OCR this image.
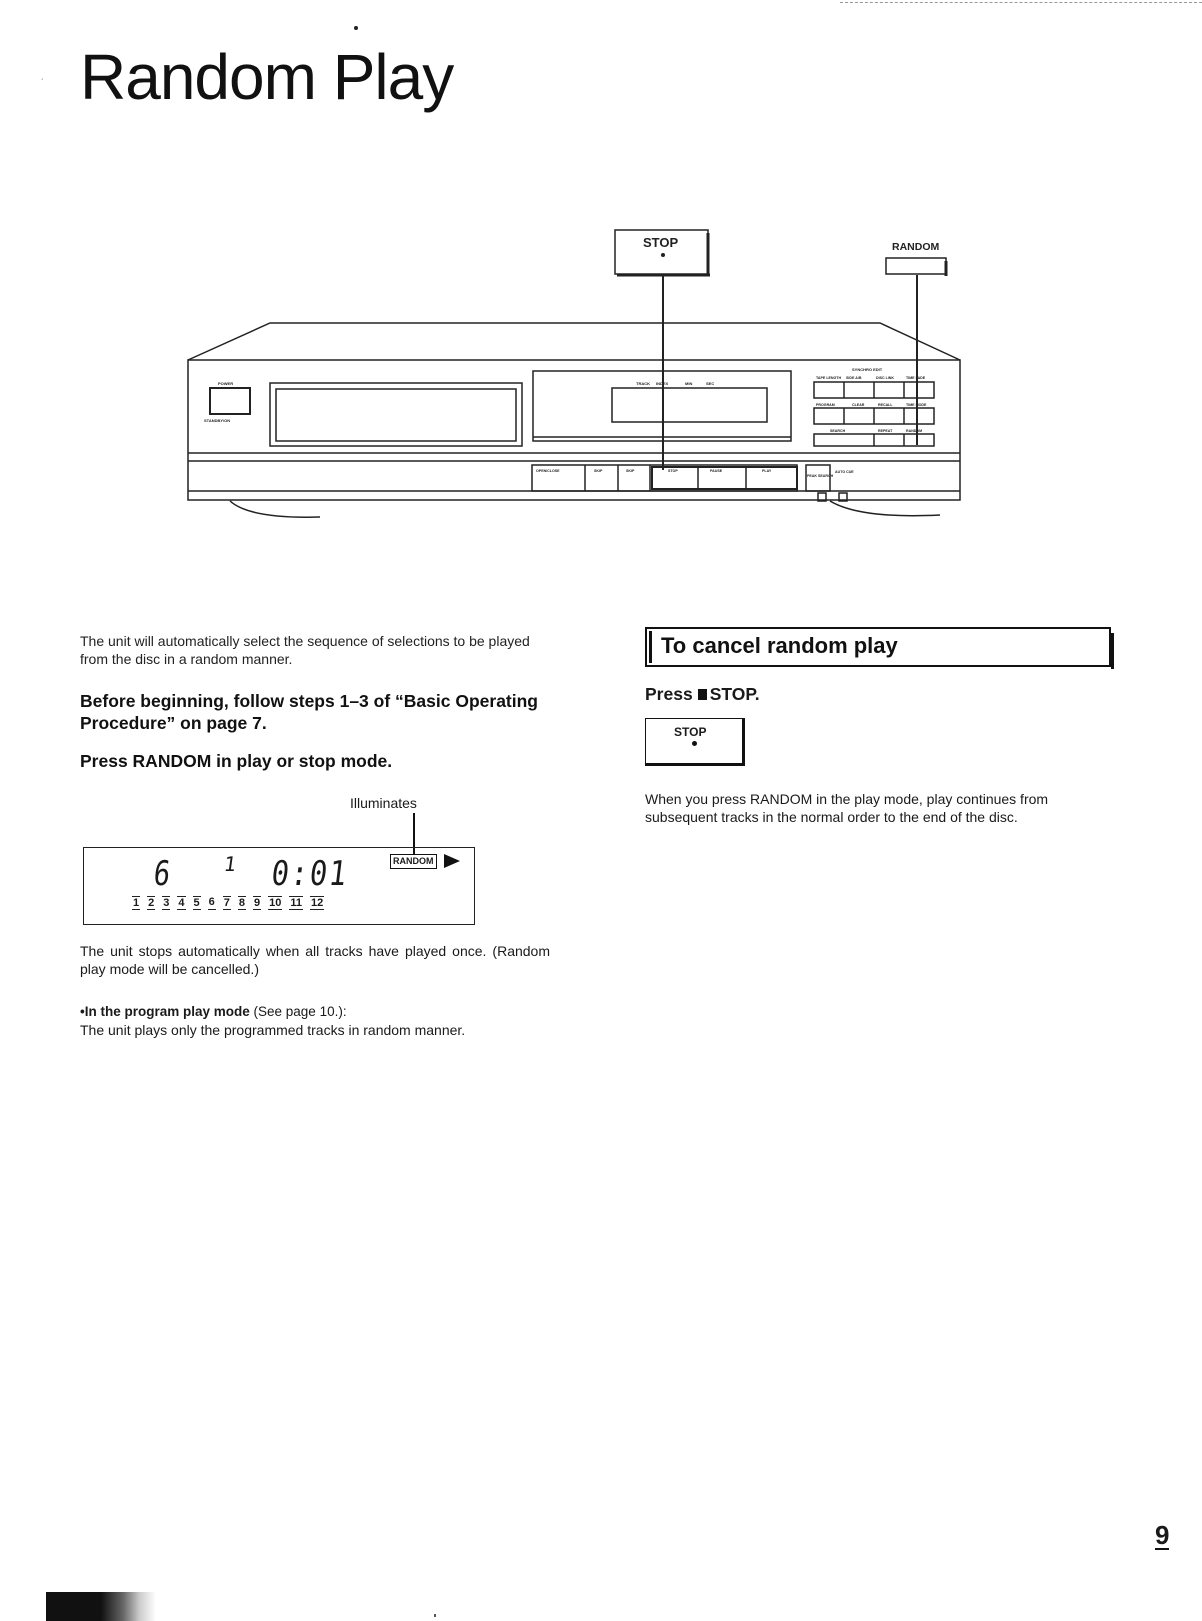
· Random Play
STOP	RANDOM
POWER
STANDBY/ON
TRACK INDEX	MIN	SEC
SYNCHRO EDIT
TAPE LENGTH SIDE A/B	DISC LINK	TIME FADE
PROGRAM	CLEAR	RECALL	TIME MODE
SEARCH	REPEAT	RANDOM
OPEN/CLOSE	SKIP	SKIP	STOP	PAUSE	PLAY
PEAK SEARCH
AUTO CUE

The unit will automatically select the sequence of selections to be played from the disc in a random manner.

Before beginning, follow steps 1–3 of “Basic Operating Procedure” on page 7.

Press RANDOM in play or stop mode.

Illuminates
6 1 0:01	RANDOM
1 2 3 4 5 6 7 8 9 10 11 12

The unit stops automatically when all tracks have played once. (Random play mode will be cancelled.)

•In the program play mode (See page 10.):

The unit plays only the programmed tracks in random manner.

To cancel random play

Press STOP.

STOP

When you press RANDOM in the play mode, play continues from subsequent tracks in the normal order to the end of the disc.

9
